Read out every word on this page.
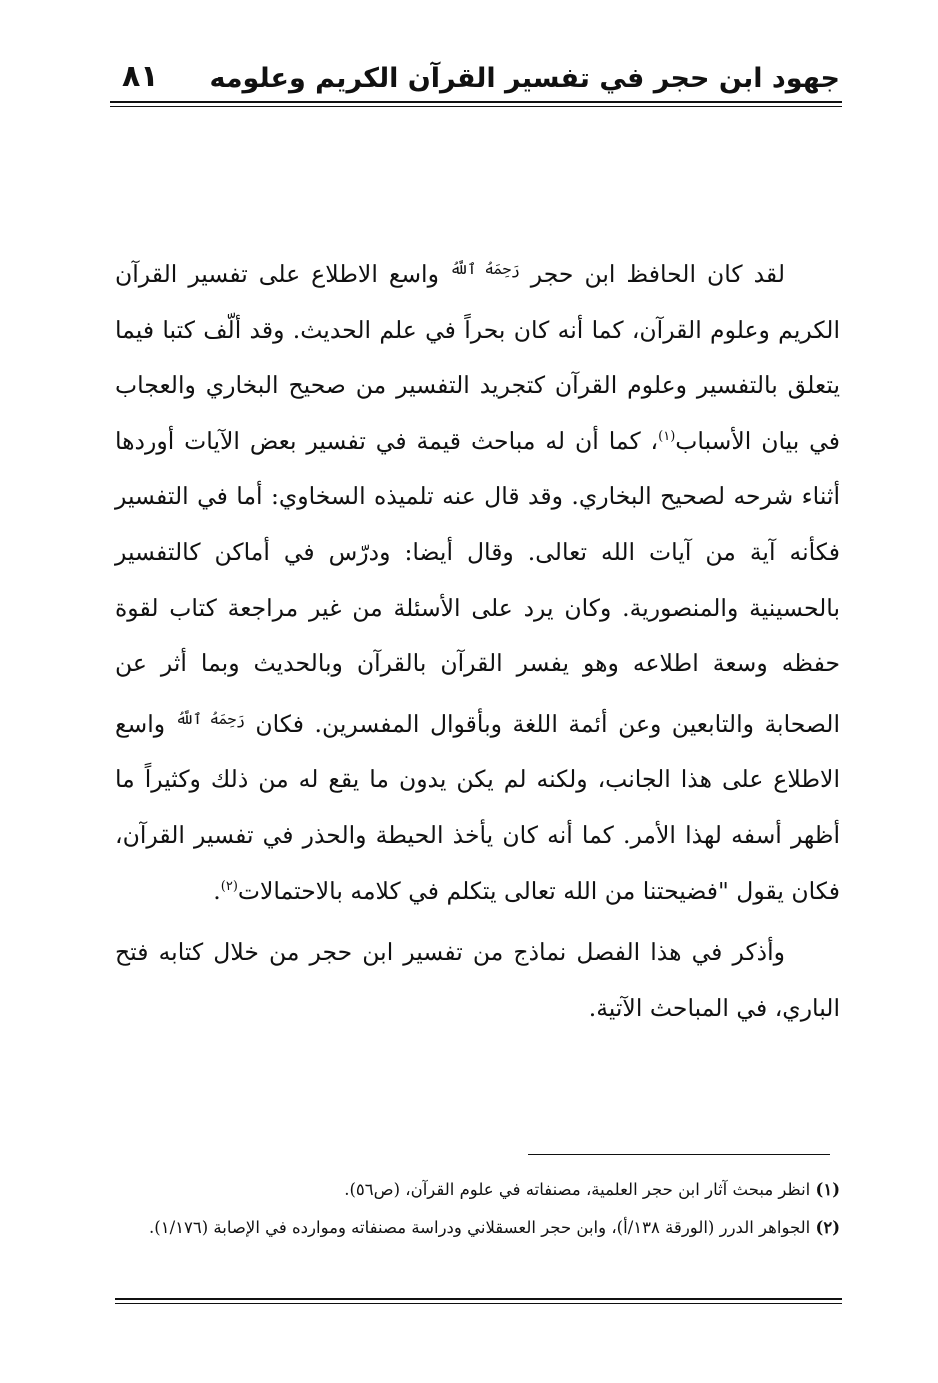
جهود ابن حجر في تفسير القرآن الكريم وعلومه
٨١

لقد كان الحافظ ابن حجر $^{رَحِمَهُ ٱللَّهُ}$ واسع الاطلاع على تفسير القرآن الكريم وعلوم القرآن، كما أنه كان بحراً في علم الحديث. وقد ألّف كتبا فيما يتعلق بالتفسير وعلوم القرآن كتجريد التفسير من صحيح البخاري والعجاب في بيان الأسباب$^{(١)}$، كما أن له مباحث قيمة في تفسير بعض الآيات أوردها أثناء شرحه لصحيح البخاري. وقد قال عنه تلميذه السخاوي: أما في التفسير فكأنه آية من آيات الله تعالى. وقال أيضا: ودرّس في أماكن كالتفسير بالحسينية والمنصورية. وكان يرد على الأسئلة من غير مراجعة كتاب لقوة حفظه وسعة اطلاعه وهو يفسر القرآن بالقرآن وبالحديث وبما أثر عن الصحابة والتابعين وعن أئمة اللغة وبأقوال المفسرين. فكان $^{رَحِمَهُ ٱللَّهُ}$ واسع الاطلاع على هذا الجانب، ولكنه لم يكن يدون ما يقع له من ذلك وكثيراً ما أظهر أسفه لهذا الأمر. كما أنه كان يأخذ الحيطة والحذر في تفسير القرآن، فكان يقول "فضيحتنا من الله تعالى يتكلم في كلامه بالاحتمالات$^{(٢)}$.

وأذكر في هذا الفصل نماذج من تفسير ابن حجر من خلال كتابه فتح الباري، في المباحث الآتية.

(١) انظر مبحث آثار ابن حجر العلمية، مصنفاته في علوم القرآن، (ص٥٦).

(٢) الجواهر الدرر (الورقة ١٣٨/أ)، وابن حجر العسقلاني ودراسة مصنفاته وموارده في الإصابة (١/١٧٦).
